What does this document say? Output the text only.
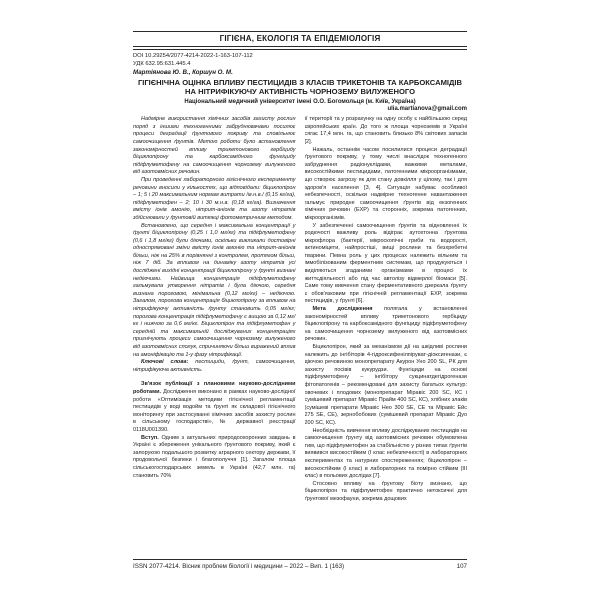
ГІГІЄНА, ЕКОЛОГІЯ ТА ЕПІДЕМІОЛОГІЯ
DOI 10.29254/2077-4214-2022-1-163-107-112
УДК 632.95:631.445.4
Мартіянова Ю. В., Коршун О. М.
ГІГІЄНІЧНА ОЦІНКА ВПЛИВУ ПЕСТИЦИДІВ З КЛАСІВ ТРИКЕТОНІВ ТА КАРБОКСАМІДІВ НА НІТРИФІКУЮЧУ АКТИВНІСТЬ ЧОРНОЗЕМУ ВИЛУЖЕНОГО
Національний медичний університет імені О.О. Богомольця (м. Київ, Україна)
ulia.martianova@gmail.com

Надмірне використання хімічних засобів захисту рослин поряд з іншими техногенними забруднювачами посилює процеси деградації ґрунтового покриву та сповільнює самоочищення ґрунтів. Метою роботи було встановлення закономірностей впливу трикетонового гербіциду біциклопірону та карбоксамідного фунгіциду підіфлуметофену на самоочищення чорнозему вилуженого від азотовмісних речовин.

При проведенні лабораторного гігієнічного експерименту речовини вносили у кількостях, що відповідали: біциклопірон – 1; 5 і 20 максимальним нормам витрати /м.н.в./ (0,15 кг/га), підіфлуметофен – 2; 10 і 30 м.н.в. (0,18 кг/га). Визначення вмісту іонів амонію, нітрит-аніонів та азоту нітратів здійснювали у ґрунтовій витяжці фотометричним методом.

Встановлено, що середня і максимальна концентрації у ґрунті біциклопірону (0,25 і 1,0 мг/кг) та підіфлуметофену (0,6 і 1,8 мг/кг) були діючими, оскільки викликали достовірні односпрямовані зміни вмісту іонів амонію та нітрит-аніонів більш, ніж на 25% в порівнянні з контролем, протягом більш, ніж 7 діб. За впливом на динаміку азоту нітратів усі досліджені вихідні концентрації біциклопірону у ґрунті визнані недіючими. Найвища концентрація підіфлуметофену гальмувала утворення нітратів і була діючою, середня визнана пороговою, мінімальна (0,12 мг/кг) – недіючою. Загалом, порогова концентрація біциклопірону за впливом на нітрифікуючу активність ґрунту становить 0,05 мг/кг; порогова концентрація підіфлуметофену є вищою за 0,12 мг/кг і нижчою за 0,6 мг/кг. Біциклопірон та підіфлуметофен у середній та максимальній досліджуваних концентраціях пригнічують процеси самоочищення чорнозему вилуженого від азотовмісних сполук, спричиняючи більш виражений вплив на амоніфікацію та 1-у фазу нітрифікації.

Ключові слова: пестициди, ґрунт, самоочищення, нітрифікуюча активність.

Зв'язок публікації з плановими науково-дослідними роботами. Дослідження виконано в рамках науково-дослідної роботи «Оптимізація методики гігієнічної регламентації пестицидів у воді водойм та ґрунті як складової гігієнічного моніторингу при застосуванні хімічних засобів захисту рослин в сільському господарстві», № державної реєстрації 0118U001390.

Вступ. Одним з актуальних природоохоронних завдань в Україні є збереження унікального ґрунтового покриву, який є запорукою подальшого розвитку аграрного сектору держави, її продовольчої безпеки і благополуччя [1]. Загалом площа сільськогосподарських земель в Україні (42,7 млн. га) становить 70%

її території та у розрахунку на одну особу є найбільшою серед європейських країн. До того ж площа чорноземів в Україні сягає 17,4 млн. га, що становить близько 8% світових запасів [2].

Нажаль, останнім часом посилилися процеси деградації ґрунтового покриву, у тому числі внаслідок техногенного забруднення радіонуклідами, важкими металами, високостійкими пестицидами, патогенними мікроорганізмами, що створює загрозу як для стану довкілля у цілому, так і для здоров'я населення [3, 4]. Ситуація набуває особливої небезпечності, оскільки надмірне техногенне навантаження гальмує природне самоочищення ґрунтів від екзогенних хімічних речовин (ЕХР) та сторонніх, зокрема патогенних, мікроорганізмів.

У забезпеченні самоочищення ґрунтів та відновленні їх родючості важливу роль відіграє аутохтонна ґрунтова мікрофлора (бактерії, мікроскопічні гриби та водорості, актиноміцети, найпростіші, вищі рослини та безхребетні тварини. Певна роль у цих процесах належить вільним та іммобілізованим ферментним системам, що продукуються і виділяються згаданими організмами в процесі їх життєдіяльності або під час автолізу відмерлої біомаси [5]. Саме тому вивчення стану ферментативного дзеркала ґрунту є обов'язковим при гігієнічній регламентації ЕХР, зокрема пестицидів, у ґрунті [6].

Мета дослідження полягала у встановленні закономірностей впливу трикетонового гербіциду біциклопірону та карбоксамідного фунгіциду підіфлуметофену на самоочищення чорнозему вилуженого від азотовмісних речовин.

Біциклопірон, який за механізмом дії на шкідливі рослини належить до інгібіторів 4-гідроксифенілпіруват-діоксигенази, є діючою речовиною монопрепарату Акурон Уно 200 SL, РК для захисту посівів кукурудзи. Фунгіциди на основі підіфлуметофену – інгібітору сукцинатдегідрогенази фітопатогенів – рекомендовані для захисту багатьох культур: овочевих і плодових (монопрепарат Міравіс 200 SC, КС і сумішевий препарат Міравіс Прайм 400 SC, КС), хлібних злаків (сумішеві препарати Міравіс Нео 300 SE, СЕ та Міравіс Ейс 275 SE, СЕ), зернобобових (сумішевий препарат Міравіс Дуо 200 SC, КС).

Необхідність вивчення впливу досліджуваних пестицидів на самоочищення ґрунту від азотовмісних речовин обумовлена тим, що підіфлуметофен за стабільністю у різних типах ґрунтів виявився високостійким (І клас небезпечності) в лабораторних експериментах та натурних спостереженнях; біциклопірон – високостійким (І клас) в лабораторних та помірно стійким (ІІІ клас) в польових дослідах [7].

Стосовно впливу на ґрунтову біоту визнано, що біциклопірон та підіфлуметофен практично нетоксичні для ґрунтової мезофауни, зокрема дощових

ISSN 2077-4214. Вісник проблем біології і медицини – 2022 – Вип. 1 (163)	107
